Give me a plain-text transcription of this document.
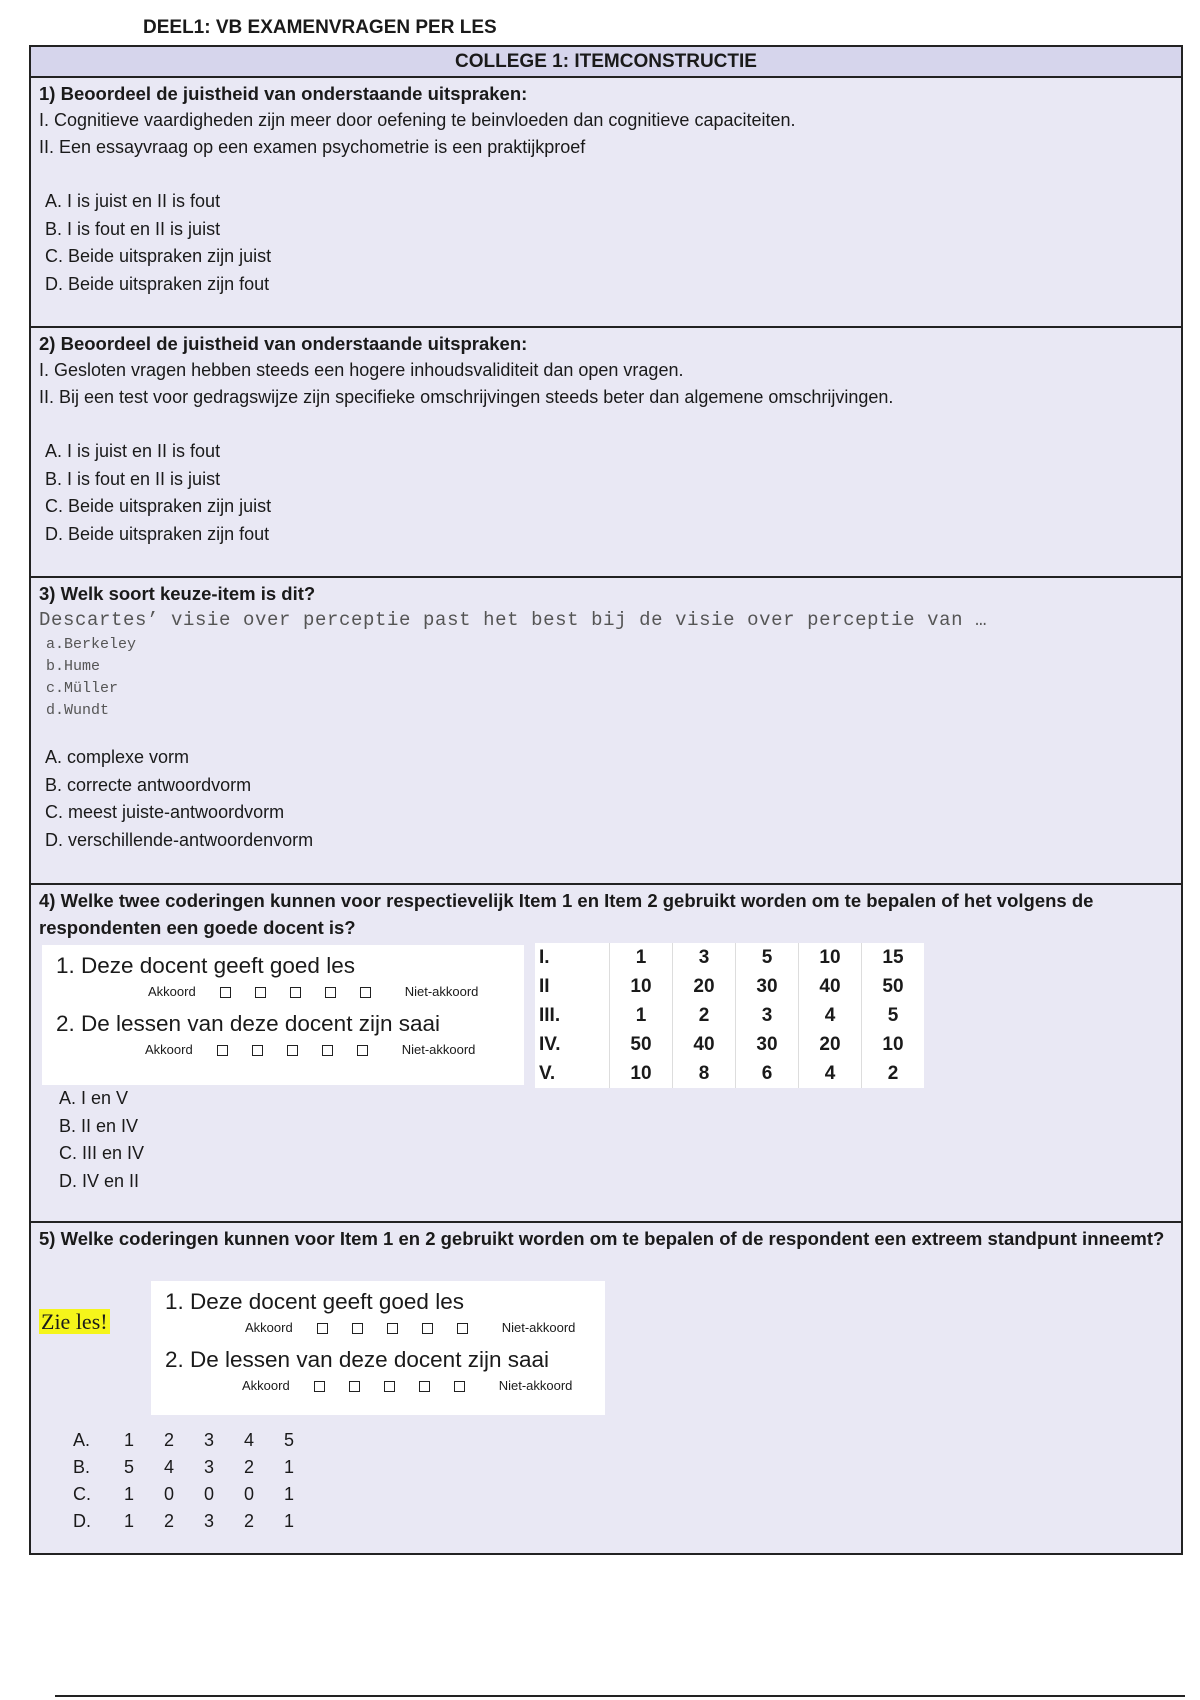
DEEL1: VB EXAMENVRAGEN PER LES
COLLEGE 1: ITEMCONSTRUCTIE
1) Beoordeel de juistheid van onderstaande uitspraken:
I. Cognitieve vaardigheden zijn meer door oefening te beinvloeden dan cognitieve capaciteiten.
II. Een essayvraag op een examen psychometrie is een praktijkproef
A. I is juist en II is fout
B. I is fout en II is juist
C. Beide uitspraken zijn juist
D. Beide uitspraken zijn fout
2) Beoordeel de juistheid van onderstaande uitspraken:
I. Gesloten vragen hebben steeds een hogere inhoudsvaliditeit dan open vragen.
II. Bij een test voor gedragswijze zijn specifieke omschrijvingen steeds beter dan algemene omschrijvingen.
A. I is juist en II is fout
B. I is fout en II is juist
C. Beide uitspraken zijn juist
D. Beide uitspraken zijn fout
3) Welk soort keuze-item is dit?
Descartes’ visie over perceptie past het best bij de visie over perceptie van …
a.Berkeley
b.Hume
c.Müller
d.Wundt
A. complexe vorm
B. correcte antwoordvorm
C. meest juiste-antwoordvorm
D. verschillende-antwoordenvorm
4) Welke twee coderingen kunnen voor respectievelijk Item 1 en Item 2 gebruikt worden om te bepalen of het volgens de respondenten een goede docent is?
1. Deze docent geeft goed les
Akkoord	Niet-akkoord
2. De lessen van deze docent zijn saai
Akkoord	Niet-akkoord
I.	1	3	5	10	15
II	10	20	30	40	50
III.	1	2	3	4	5
IV.	50	40	30	20	10
V.	10	8	6	4	2
A. I en V
B. II en IV
C. III en IV
D. IV en II
5) Welke coderingen kunnen voor Item 1 en 2 gebruikt worden om te bepalen of de respondent een extreem standpunt inneemt?
Zie les!
1. Deze docent geeft goed les
Akkoord	Niet-akkoord
2. De lessen van deze docent zijn saai
Akkoord	Niet-akkoord
A.	1	2	3	4	5
B.	5	4	3	2	1
C.	1	0	0	0	1
D.	1	2	3	2	1
